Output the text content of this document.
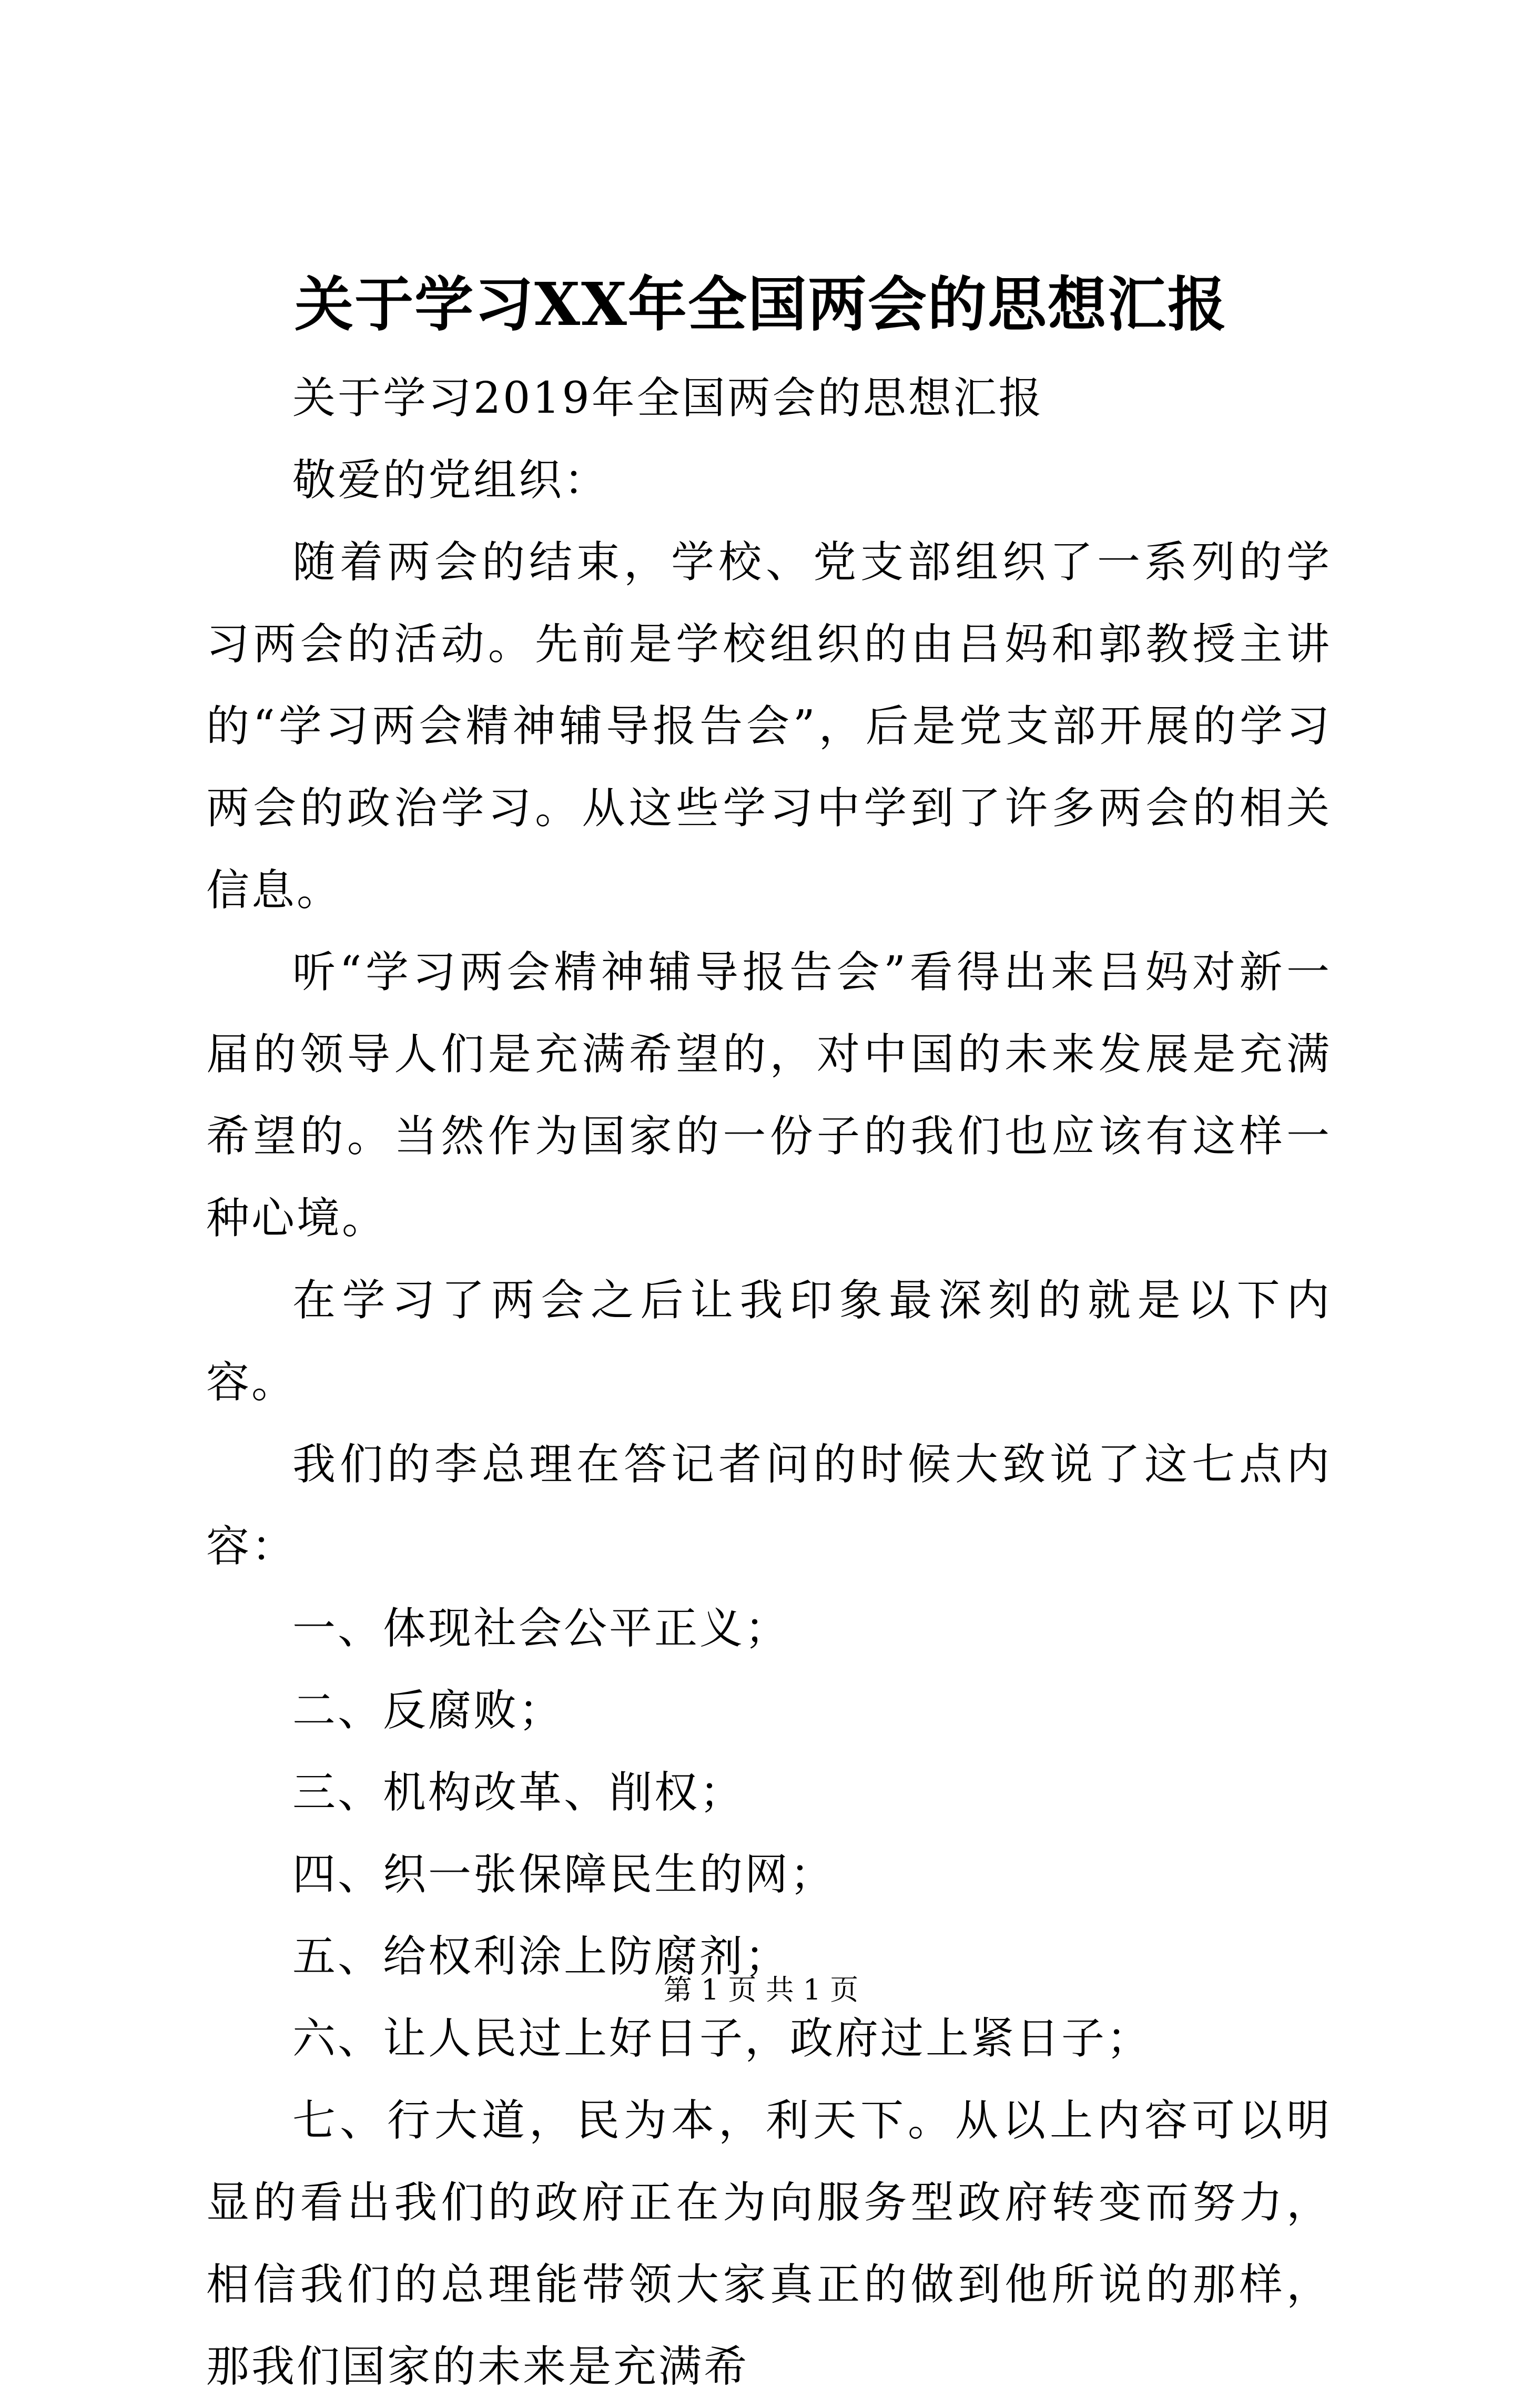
关于学习XX年全国两会的思想汇报

关于学习2019年全国两会的思想汇报

敬爱的党组织：

随着两会的结束，学校、党支部组织了一系列的学习两会的活动。先前是学校组织的由吕妈和郭教授主讲的“学习两会精神辅导报告会”，后是党支部开展的学习两会的政治学习。从这些学习中学到了许多两会的相关信息。

听“学习两会精神辅导报告会”看得出来吕妈对新一届的领导人们是充满希望的，对中国的未来发展是充满希望的。当然作为国家的一份子的我们也应该有这样一种心境。

在学习了两会之后让我印象最深刻的就是以下内容。

我们的李总理在答记者问的时候大致说了这七点内容：

一、体现社会公平正义；

二、反腐败；

三、机构改革、削权；

四、织一张保障民生的网；

五、给权利涂上防腐剂；

六、让人民过上好日子，政府过上紧日子；

七、行大道，民为本，利天下。从以上内容可以明显的看出我们的政府正在为向服务型政府转变而努力，相信我们的总理能带领大家真正的做到他所说的那样，那我们国家的未来是充满希

第 1 页 共 1 页
